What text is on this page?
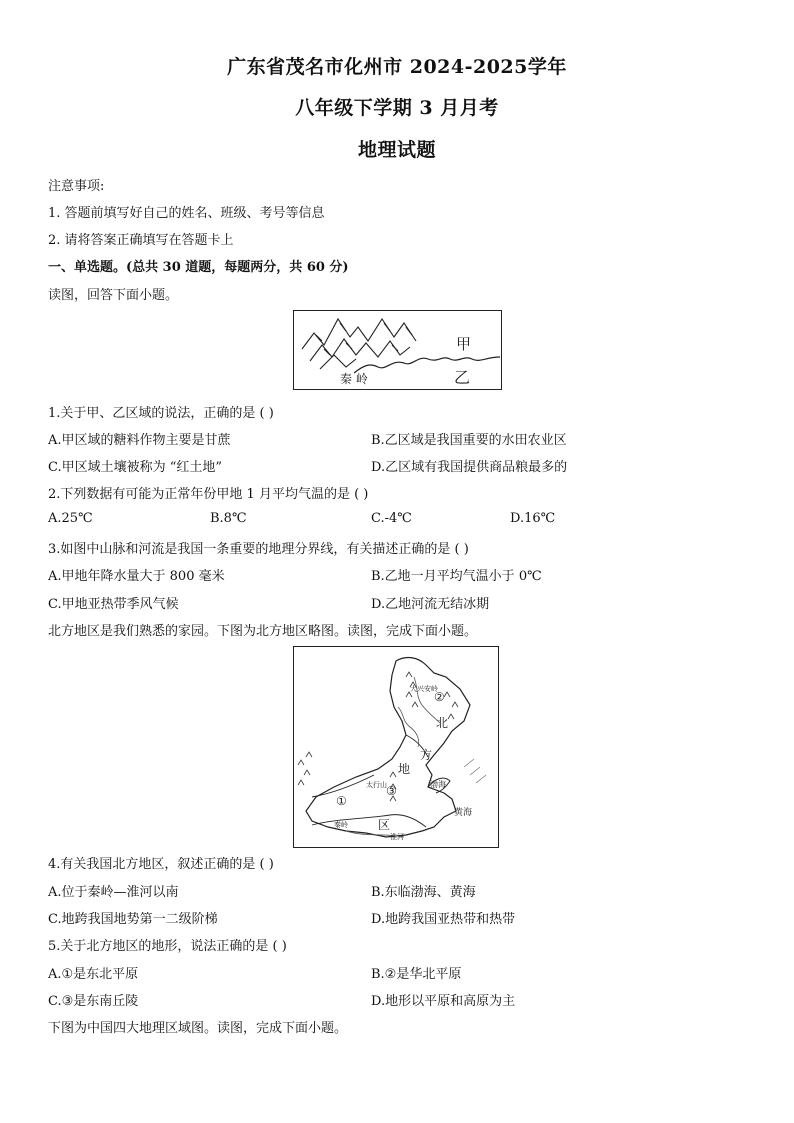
广东省茂名市化州市 2024-2025学年
八年级下学期 3 月月考
地理试题
注意事项:
1. 答题前填写好自己的姓名、班级、考号等信息
2. 请将答案正确填写在答题卡上
一、单选题。(总共 30 道题，每题两分，共 60 分)
读图，回答下面小题。
甲
乙
秦 岭
1.关于甲、乙区域的说法，正确的是 ( )
A.甲区域的糖料作物主要是甘蔗	B.乙区域是我国重要的水田农业区
C.甲区域土壤被称为 “红土地”	D.乙区域有我国提供商品粮最多的
2.下列数据有可能为正常年份甲地 1 月平均气温的是 ( )
A.25℃	B.8℃	C.-4℃	D.16℃
3.如图中山脉和河流是我国一条重要的地理分界线，有关描述正确的是 ( )
A.甲地年降水量大于 800 毫米	B.乙地一月平均气温小于 0℃
C.甲地亚热带季风气候	D.乙地河流无结冰期
北方地区是我们熟悉的家园。下图为北方地区略图。读图，完成下面小题。
①
②
③
北
方
地
区
渤海
黄海
秦岭
淮河
太行山
大兴安岭
4.有关我国北方地区，叙述正确的是 ( )
A.位于秦岭—淮河以南	B.东临渤海、黄海
C.地跨我国地势第一二级阶梯	D.地跨我国亚热带和热带
5.关于北方地区的地形，说法正确的是 ( )
A.①是东北平原	B.②是华北平原
C.③是东南丘陵	D.地形以平原和高原为主
下图为中国四大地理区域图。读图，完成下面小题。
